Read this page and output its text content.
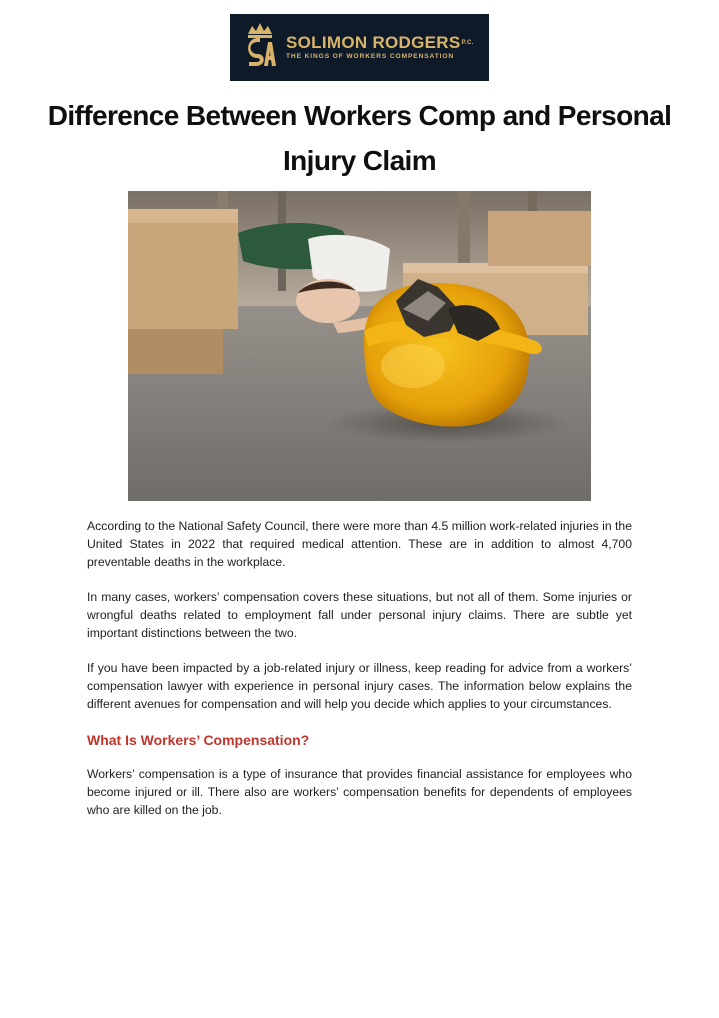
SOLIMON $RODGERS^{P.C.}$
THE KINGS OF WORKERS COMPENSATION
Difference Between Workers Comp and Personal Injury Claim

According to the National Safety Council, there were more than 4.5 million work-related injuries in the United States in 2022 that required medical attention. These are in addition to almost 4,700 preventable deaths in the workplace.

In many cases, workers’ compensation covers these situations, but not all of them. Some injuries or wrongful deaths related to employment fall under personal injury claims. There are subtle yet important distinctions between the two.

If you have been impacted by a job-related injury or illness, keep reading for advice from a workers’ compensation lawyer with experience in personal injury cases. The information below explains the different avenues for compensation and will help you decide which applies to your circumstances.

What Is Workers’ Compensation?

Workers’ compensation is a type of insurance that provides financial assistance for employees who become injured or ill. There also are workers’ compensation benefits for dependents of employees who are killed on the job.
